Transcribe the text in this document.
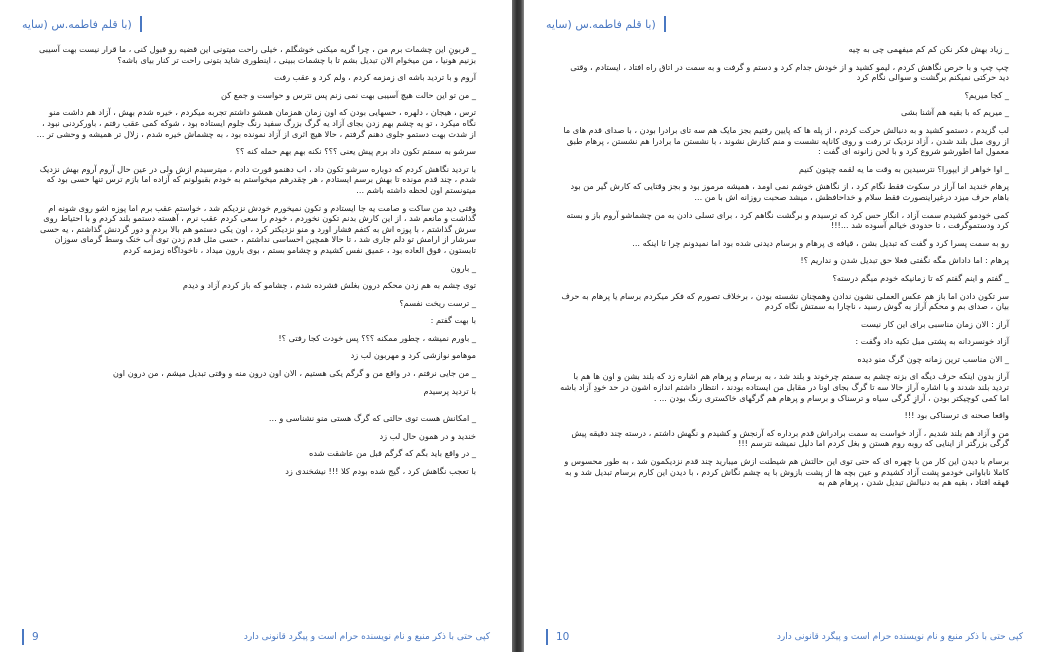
(با قلم فاطمه.س (سایه

_ قربونِ این چشمات برم من ، چرا گریه میکنی خوشگلم ، خیلی راحت میتونی این قضیه رو قبول کنی ، ما قرار نیست بهت آسیبی بزنیم هونیا ، من میخوام الان تبدیل بشم تا با چشمات ببینی ، اینطوری شاید بتونی راحت تر کنار بیای باشه؟

آروم و با تردید باشه ای زمزمه کردم ، ولم کرد و عقب رفت

_ من تو این حالت هیچ آسیبی بهت نمی زنم پس نترس و حواست و جمع کن

ترس ، هیجان ، دلهره ، حسهایی بودن که اون زمان همزمان همشو داشتم تجربه میکردم ، خیره شدم بهش ، آزاد هم داشت منو نگاه میکرد ، تو یه چشم بهم زدن بجای آزاد یه گرگ بزرگ سفید رنگ جلوم ایستاده بود ، شوکه کمی عقب رفتم ، باورکردنی نبود ، از شدت بهت دستمو جلوی دهنم گرفتم ، حالا هیچ اثری از آزاد نمونده بود ، به چشماش خیره شدم ، زلال تر همیشه و وحشی تر ...

سرشو به سمتم تکون داد برم پیش یعنی ؟؟؟ نکنه بهم بهم حمله کنه ؟؟

با تردید نگاهش کردم که دوباره سرشو تکون داد ، اب دهنمو قورت دادم ، میترسیدم ازش ولی در عین حال آروم آروم بهش نزدیک شدم ، چند قدم مونده تا بهش برسم ایستادم ، هر چقدرهم میخواستم به خودم بقبولونم که آزاده اما بازم ترس تنها حسی بود که میتونستم اون لحظه داشته باشم ...

وقتی دید من ساکت و صامت یه جا ایستادم و تکون نمیخورم خودش نزدیکم شد ، خواستم عقب برم اما پوزه اشو روی شونه ام گذاشت و مانعم شد ، از این کارش بدنم تکون نخوردم ، خودم را سعی کردم عقب نرم ، آهسته دستمو بلند کردم و با احتیاط روی سرش گذاشتم ، با پوزه اش به کتفم فشار اورد و منو نزدیکتر کرد ، اون یکی دستمو هم بالا بردم و دور گردنش گذاشتم ، یه حسی سرشار از ارامش تو دلم جاری شد ، تا حالا همچین احساسی نداشتم ، حسی مثل قدم زدن توی آب خنک وسط گرمای سوزان تابستون ، فوق العاده بود ، عمیق نفس کشیدم و چشامو بستم ، بوی بارون میداد ، ناخوداگاه زمزمه کردم

_ بارون

توی چشم به هم زدن محکم درون بغلش فشرده شدم ، چشامو که باز کردم آزاد و دیدم

_ ترست ریخت نفسم؟

با بهت گفتم :

_ باورم نمیشه ، چطور ممکنه ؟؟؟ پس خودت کجا رفتی ؟!

موهامو نوازشی کرد و مهربون لب زد

_ من جایی نرفتم ، در واقع من و گرگم یکی هستیم ، الان اون درون منه و وقتی تبدیل میشم ، من درون اون

با تردید پرسیدم

_ امکانش هست توی حالتی که گرگ هستی منو نشناسی و ...

خندید و در همون حال لب زد

_ در واقع باید بگم که گرگم قبل من عاشقت شده

با تعجب نگاهش کرد ، گیج شده بودم کلا !!! نیشخندی زد

9	کپی حتی با ذکر منبع و نام نویسنده حرام است و پیگرد قانونی دارد
(با قلم فاطمه.س (سایه

_ زیاد بهش فکر نکن کم کم میفهمی چی به چیه

چپ چپ و با حرص نگاهش کردم ، لیمو کشید و از خودش جدام کرد و دستم و گرفت و به سمت در اتاق راه افتاد ، ایستادم ، وقتی دید حرکتی نمیکنم برگشت و سوالی نگام کرد

_ کجا میریم؟

_ میریم که با بقیه هم آشنا بشی

لب گزیدم ، دستمو کشید و به دنبالش حرکت کردم ، از پله ها که پایین رفتیم بجز مایک هم سه تای برادرا بودن ، با صدای قدم های ما از روی مبل بلند شدن ، آزاد نزدیک تر رفت و روی کاناپه نشست و منم کنارش نشوند ، با نشستن ما برادرا هم نشستن ، پرهام طبق معمول اما اطورشو شروع کرد و با لحن زانونه ای گفت :

_ اوا خواهر از ایپورا؟ نترسیدین به وقت ما یه لقمه چپتون کنیم

پرهام خندید اما آراز در سکوت فقط نگام کرد ، از نگاهش خوشم نمی اومد ، همیشه مرموز بود و بجز وقتایی که کارش گیر من بود باهام حرف میزد درغیراینصورت فقط سلام و خداحافظش ، میشد صحبت روزانه اش با من ...

کمی خودمو کشیدم سمت آزاد ، انگار حس کرد که ترسیدم و برگشت نگاهم کرد ، برای تسلی دادن به من چشماشو آروم باز و بسته کرد ودستموگرفت ، تا حدودی خیالم آسوده شد ...!!!

رو به سمت پسرا کرد و گفت که تبدیل بشن ، قیافه ی پرهام و برسام دیدنی شده بود اما نمیدونم چرا تا اینکه ...

پرهام : اما داداش مگه نگفتی فعلا حق تبدیل شدن و نداریم ؟!

_ گفتم و اینم گفتم که تا زمانیکه خودم میگم درسته؟

سر تکون دادن اما باز هم عکس العملی نشون ندادن وهمچنان نشسته بودن ، برخلاف تصورم که فکر میکردم برسام یا پرهام به حرف بیان ، صدای بم و محکم آراز به گوش رسید ، ناچارا به سمتش نگاه کردم

آراز : الان زمان مناسبی برای این کار نیست

آزاد خونسردانه به پشتی مبل تکیه داد وگفت :

_ الان مناسب ترین زمانه چون گرگ منو دیده

آراز بدون اینکه حرف دیگه ای بزنه چشم به سمتم چرخوند و بلند شد ، به برسام و پرهام هم اشاره زد که بلند بشن و اون ها هم با تردید بلند شدند و با اشاره آراز حالا سه تا گرگ بجای اونا در مقابل من ایستاده بودند ، انتظار داشتم اندازه اشون در حد خودِ آزاد باشه اما کمی کوچیکتر بودن ، آرازِ گرگی سیاه و ترسناک و برسام و پرهام هم گرگهای خاکستری رنگ بودن ... .

واقعا صحنه ی ترسناکی بود !!!

من و آزاد هم بلند شدیم ، آزاد خواست به سمت برادراش قدم برداره که آرنجش و کشیدم و نگهش داشتم ، درسته چند دقیقه پیش گرگی بزرگتر از اینایی که روبه روم هستن و بغل کردم اما دلیل نمیشه نترسم !!!

برسام با دیدن این کار من با چهره ای که حتی توی این حالتش هم شیطنت ازش میبارید چند قدم نزدیکمون شد ، به طور محسوس و کاملا ناباوانی خودمو پشت آزاد کشیدم و عین بچه ها از پشت بازوش با یه چشم نگاش کردم ، با دیدن این کارم برسام تبدیل شد و به قهقه افتاد ، بقیه هم به دنبالش تبدیل شدن ، پرهام هم به

10	کپی حتی با ذکر منبع و نام نویسنده حرام است و پیگرد قانونی دارد
